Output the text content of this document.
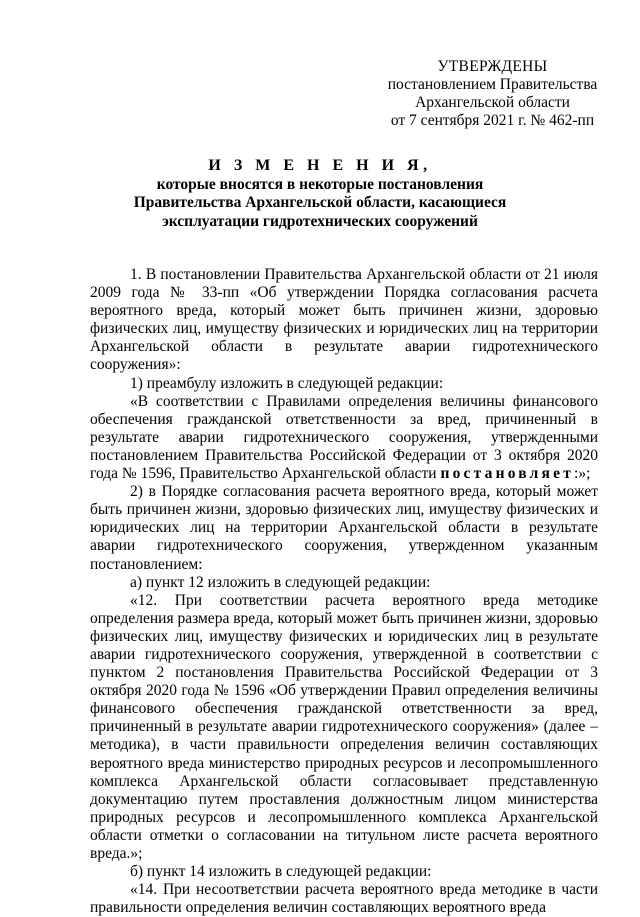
УТВЕРЖДЕНЫ
постановлением Правительства
Архангельской области
от 7 сентября 2021 г. № 462-пп
И З М Е Н Е Н И Я,
которые вносятся в некоторые постановления
Правительства Архангельской области, касающиеся
эксплуатации гидротехнических сооружений

1. В постановлении Правительства Архангельской области от 21 июля 2009 года № 33-пп «Об утверждении Порядка согласования расчета вероятного вреда, который может быть причинен жизни, здоровью физических лиц, имуществу физических и юридических лиц на территории Архангельской области в результате аварии гидротехнического сооружения»:

1) преамбулу изложить в следующей редакции:

«В соответствии с Правилами определения величины финансового обеспечения гражданской ответственности за вред, причиненный в результате аварии гидротехнического сооружения, утвержденными постановлением Правительства Российской Федерации от 3 октября 2020 года № 1596, Правительство Архангельской области постановляет:»;

2) в Порядке согласования расчета вероятного вреда, который может быть причинен жизни, здоровью физических лиц, имуществу физических и юридических лиц на территории Архангельской области в результате аварии гидротехнического сооружения, утвержденном указанным постановлением:

а) пункт 12 изложить в следующей редакции:

«12. При соответствии расчета вероятного вреда методике определения размера вреда, который может быть причинен жизни, здоровью физических лиц, имуществу физических и юридических лиц в результате аварии гидротехнического сооружения, утвержденной в соответствии с пунктом 2 постановления Правительства Российской Федерации от 3 октября 2020 года № 1596 «Об утверждении Правил определения величины финансового обеспечения гражданской ответственности за вред, причиненный в результате аварии гидротехнического сооружения» (далее – методика), в части правильности определения величин составляющих вероятного вреда министерство природных ресурсов и лесопромышленного комплекса Архангельской области согласовывает представленную документацию путем проставления должностным лицом министерства природных ресурсов и лесопромышленного комплекса Архангельской области отметки о согласовании на титульном листе расчета вероятного вреда.»;

б) пункт 14 изложить в следующей редакции:

«14. При несоответствии расчета вероятного вреда методике в части правильности определения величин составляющих вероятного вреда
